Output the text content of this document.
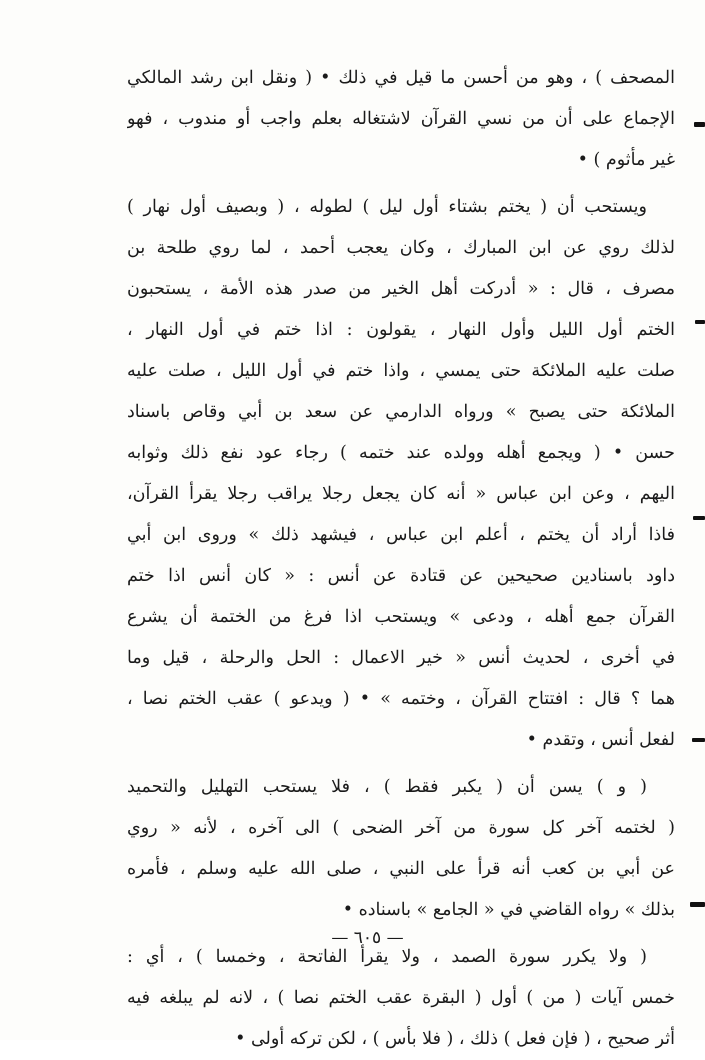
المصحف ) ، وهو من أحسن ما قيل في ذلك • ( ونقل ابن رشد المالكي
الإجماع على أن من نسي القرآن لاشتغاله بعلم واجب أو مندوب ، فهو
غير مأثوم ) •
ويستحب أن ( يختم بشتاء أول ليل ) لطوله ، ( وبصيف أول نهار )
لذلك روي عن ابن المبارك ، وكان يعجب أحمد ، لما روي طلحة بن
مصرف ، قال : « أدركت أهل الخير من صدر هذه الأمة ، يستحبون
الختم أول الليل وأول النهار ، يقولون : اذا ختم في أول النهار ،
صلت عليه الملائكة حتى يمسي ، واذا ختم في أول الليل ، صلت عليه
الملائكة حتى يصبح » ورواه الدارمي عن سعد بن أبي وقاص باسناد
حسن • ( ويجمع أهله وولده عند ختمه ) رجاء عود نفع ذلك وثوابه
اليهم ، وعن ابن عباس « أنه كان يجعل رجلا يراقب رجلا يقرأ القرآن،
فاذا أراد أن يختم ، أعلم ابن عباس ، فيشهد ذلك » وروى ابن أبي
داود باسنادين صحيحين عن قتادة عن أنس : « كان أنس اذا ختم
القرآن جمع أهله ، ودعى » ويستحب اذا فرغ من الختمة أن يشرع
في أخرى ، لحديث أنس « خير الاعمال : الحل والرحلة ، قيل وما
هما ؟ قال : افتتاح القرآن ، وختمه » • ( ويدعو ) عقب الختم نصا ،
لفعل أنس ، وتقدم •
( و ) يسن أن ( يكبر فقط ) ، فلا يستحب التهليل والتحميد
( لختمه آخر كل سورة من آخر الضحى ) الى آخره ، لأنه « روي
عن أبي بن كعب أنه قرأ على النبي ، صلى الله عليه وسلم ، فأمره
بذلك » رواه القاضي في « الجامع » باسناده •
( ولا يكرر سورة الصمد ، ولا يقرأ الفاتحة ، وخمسا ) ، أي :
خمس آيات ( من ) أول ( البقرة عقب الختم نصا ) ، لانه لم يبلغه فيه
أثر صحيح ، ( فإن فعل ) ذلك ، ( فلا بأس ) ، لكن تركه أولى •
— ٦٠٥ —
